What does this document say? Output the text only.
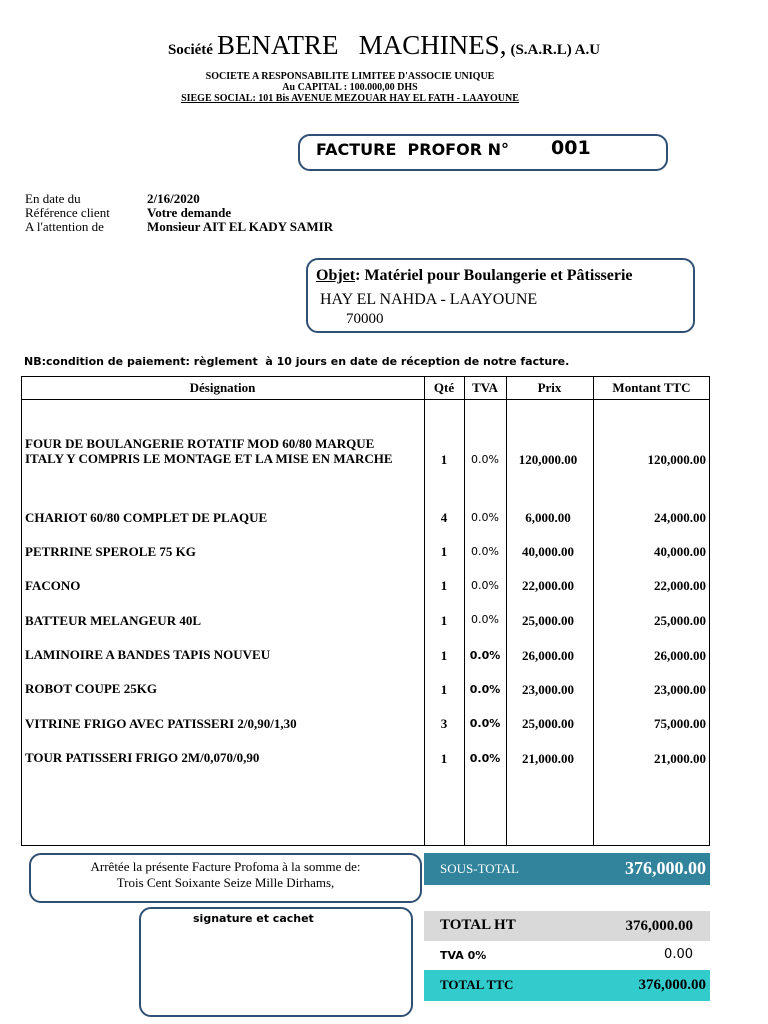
Société BENATRE   MACHINES, (S.A.R.L) A.U
SOCIETE A RESPONSABILITE LIMITEE D'ASSOCIE UNIQUE
Au CAPITAL : 100.000,00 DHS
SIEGE SOCIAL: 101 Bis AVENUE MEZOUAR HAY EL FATH - LAAYOUNE
FACTURE  PROFOR N° 001
En date du	2/16/2020
Référence client	Votre demande
A l'attention de	Monsieur AIT EL KADY SAMIR
Objet: Matériel pour Boulangerie et Pâtisserie
HAY EL NAHDA - LAAYOUNE
70000
NB:condition de paiement: règlement  à 10 jours en date de réception de notre facture.
Désignation	Qté	TVA	Prix	Montant TTC
FOUR DE BOULANGERIE ROTATIF MOD 60/80 MARQUE ITALY Y COMPRIS LE MONTAGE ET LA MISE EN MARCHE	1	0.0%	120,000.00	120,000.00
CHARIOT 60/80 COMPLET DE PLAQUE	4	0.0%	6,000.00	24,000.00
PETRRINE SPEROLE 75 KG	1	0.0%	40,000.00	40,000.00
FACONO	1	0.0%	22,000.00	22,000.00
BATTEUR MELANGEUR 40L	1	0.0%	25,000.00	25,000.00
LAMINOIRE A BANDES TAPIS NOUVEU	1	0.0%	26,000.00	26,000.00
ROBOT COUPE 25KG	1	0.0%	23,000.00	23,000.00
VITRINE FRIGO AVEC PATISSERI 2/0,90/1,30	3	0.0%	25,000.00	75,000.00
TOUR PATISSERI FRIGO 2M/0,070/0,90	1	0.0%	21,000.00	21,000.00
Arrêtée la présente Facture Profoma à la somme de:
Trois Cent Soixante Seize Mille Dirhams,
signature et cachet
SOUS-TOTAL	376,000.00
TOTAL HT	376,000.00
TVA 0%	0.00
TOTAL TTC	376,000.00
